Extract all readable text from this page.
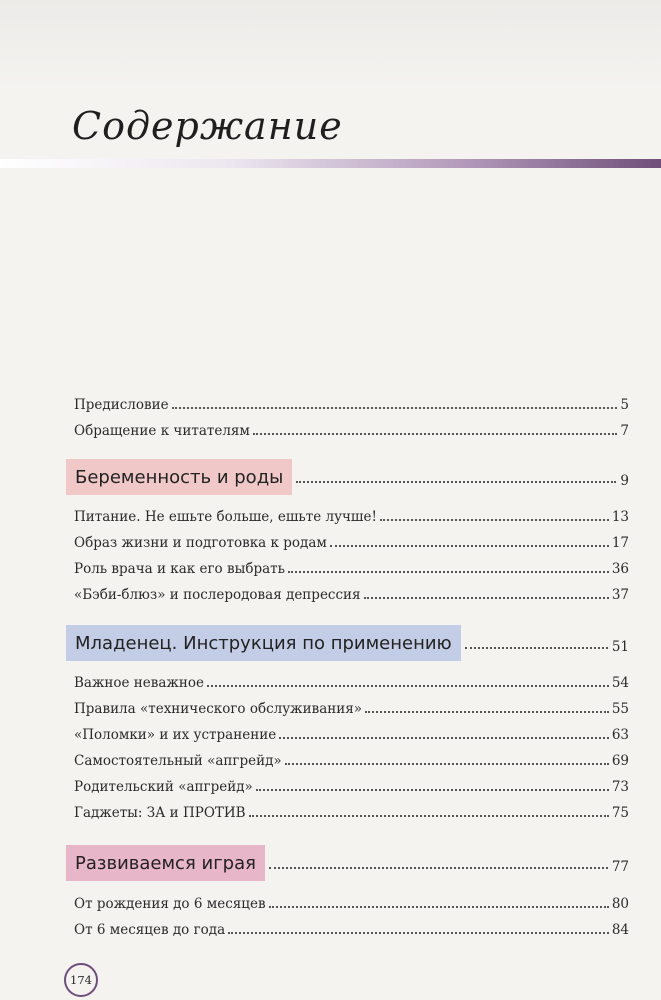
Содержание
Предисловие	5
Обращение к читателям	7
Беременность и роды	9
Питание. Не ешьте больше, ешьте лучше!	13
Образ жизни и подготовка к родам	17
Роль врача и как его выбрать	36
«Бэби-блюз» и послеродовая депрессия	37
Младенец. Инструкция по применению	51
Важное неважное	54
Правила «технического обслуживания»	55
«Поломки» и их устранение	63
Самостоятельный «апгрейд»	69
Родительский «апгрейд»	73
Гаджеты: ЗА и ПРОТИВ	75
Развиваемся играя	77
От рождения до 6 месяцев	80
От 6 месяцев до года	84
174
